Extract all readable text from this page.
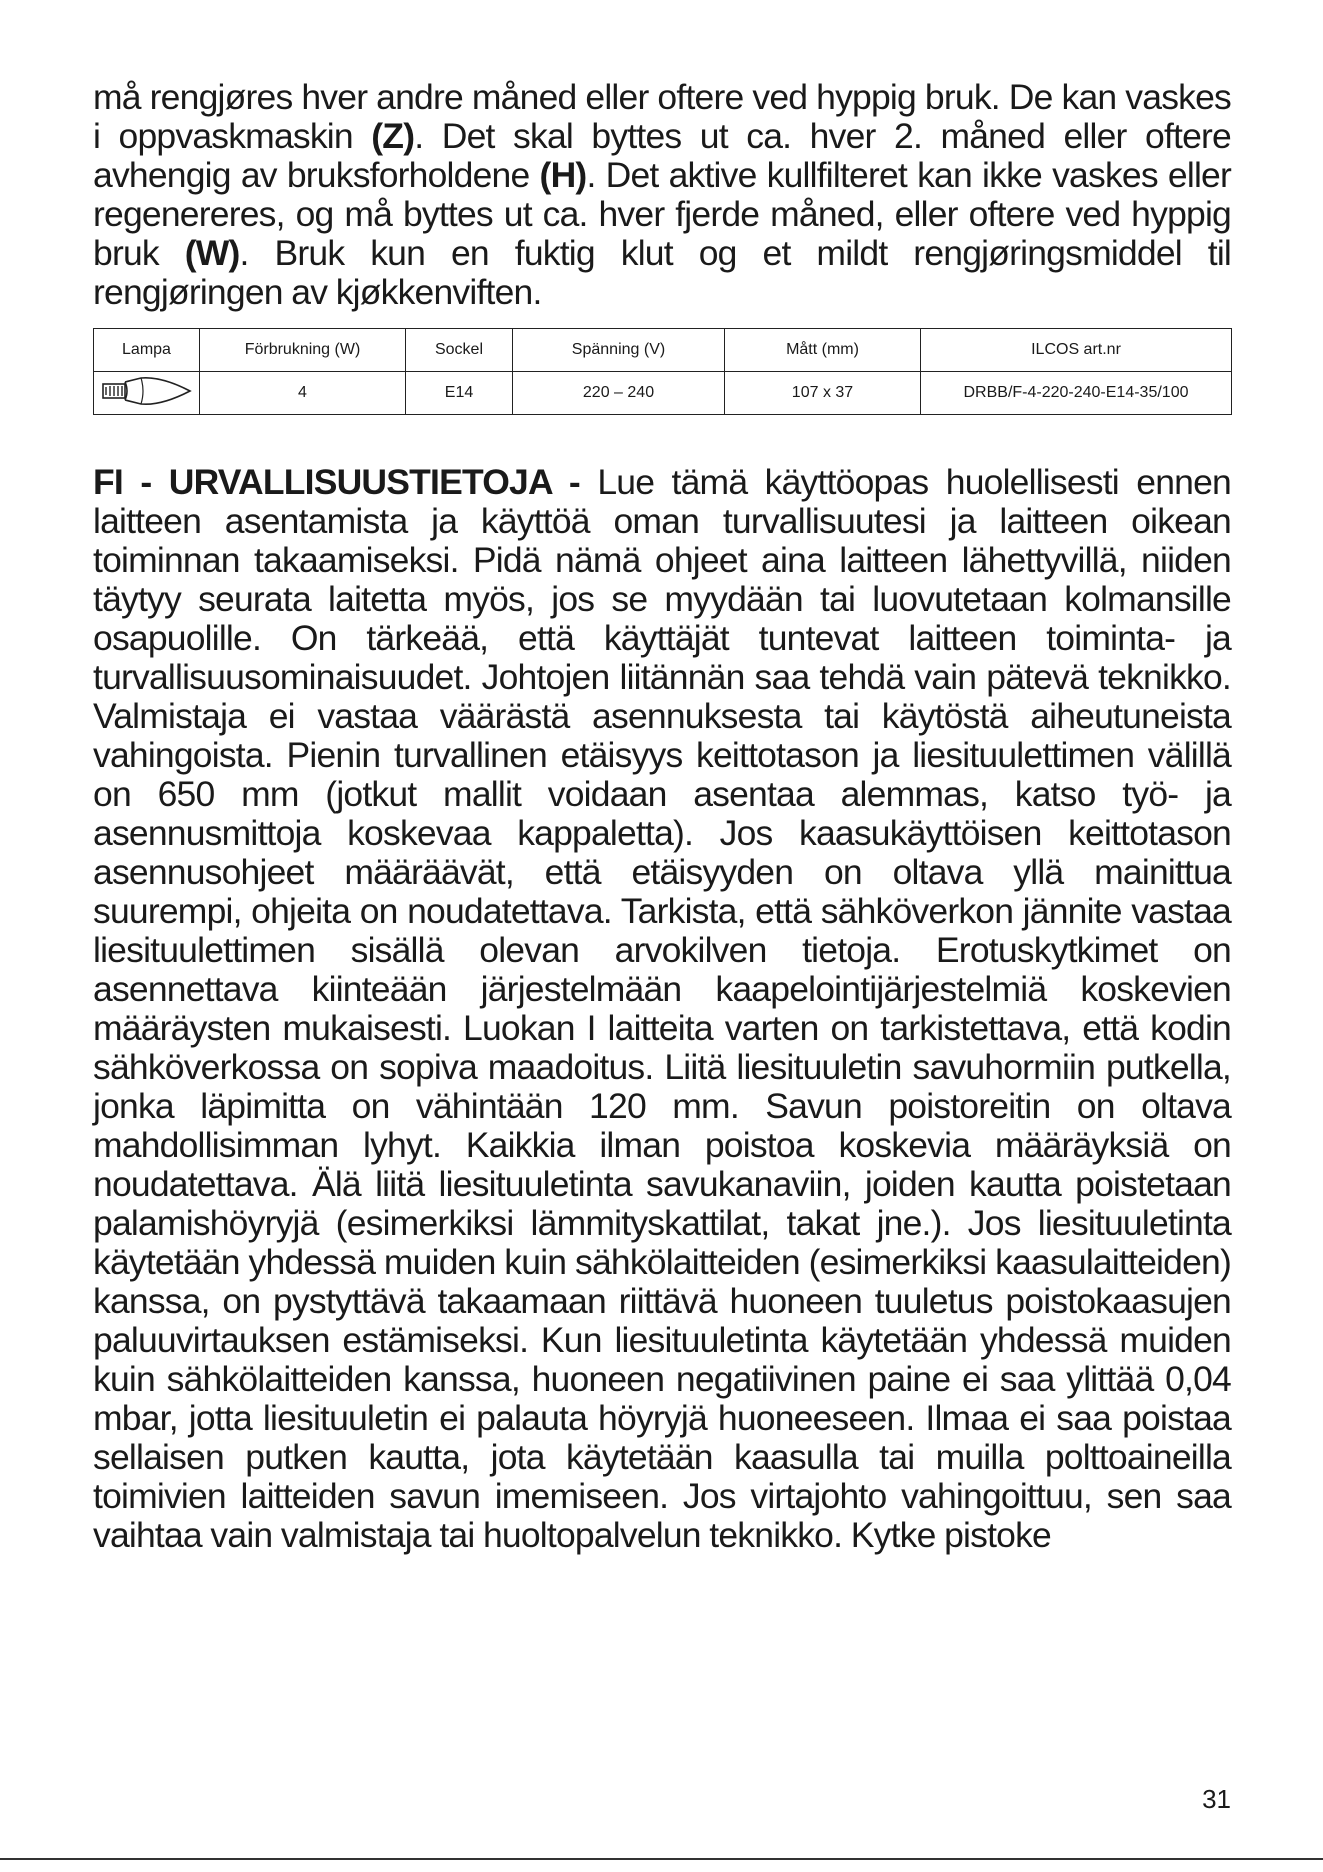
må rengjøres hver andre måned eller oftere ved hyppig bruk. De kan vaskes i oppvaskmaskin (Z). Det skal byttes ut ca. hver 2. måned eller oftere avhengig av bruksforholdene (H). Det aktive kullfilteret kan ikke vaskes eller regenereres, og må byttes ut ca. hver fjerde måned, eller oftere ved hyppig bruk (W). Bruk kun en fuktig klut og et mildt rengjøringsmiddel til rengjøringen av kjøkkenviften.

Lampa	Förbrukning (W)	Sockel	Spänning (V)	Mått (mm)	ILCOS art.nr
	4	E14	220 – 240	107 x 37	DRBB/F-4-220-240-E14-35/100

FI - URVALLISUUSTIETOJA - Lue tämä käyttöopas huolellisesti ennen laitteen asentamista ja käyttöä oman turvallisuutesi ja laitteen oikean toiminnan takaamiseksi. Pidä nämä ohjeet aina laitteen lähettyvillä, niiden täytyy seurata laitetta myös, jos se myydään tai luovutetaan kolmansille osapuolille. On tärkeää, että käyttäjät tuntevat laitteen toiminta- ja turvallisuusominaisuudet. Johtojen liitännän saa tehdä vain pätevä teknikko. Valmistaja ei vastaa väärästä asennuksesta tai käytöstä aiheutuneista vahingoista. Pienin turvallinen etäisyys keittotason ja liesituulettimen välillä on 650 mm (jotkut mallit voidaan asentaa alemmas, katso työ- ja asennusmittoja koskevaa kappaletta). Jos kaasukäyttöisen keittotason asennusohjeet määräävät, että etäisyyden on oltava yllä mainittua suurempi, ohjeita on noudatettava. Tarkista, että sähköverkon jännite vastaa liesituulettimen sisällä olevan arvokilven tietoja. Erotuskytkimet on asennettava kiinteään järjestelmään kaapelointijärjestelmiä koskevien määräysten mukaisesti. Luokan I laitteita varten on tarkistettava, että kodin sähköverkossa on sopiva maadoitus. Liitä liesituuletin savuhormiin putkella, jonka läpimitta on vähintään 120 mm. Savun poistoreitin on oltava mahdollisimman lyhyt. Kaikkia ilman poistoa koskevia määräyksiä on noudatettava. Älä liitä liesituuletinta savukanaviin, joiden kautta poistetaan palamishöyryjä (esimerkiksi lämmityskattilat, takat jne.). Jos liesituuletinta käytetään yhdessä muiden kuin sähkölaitteiden (esimerkiksi kaasulaitteiden) kanssa, on pystyttävä takaamaan riittävä huoneen tuuletus poistokaasujen paluuvirtauksen estämiseksi. Kun liesituuletinta käytetään yhdessä muiden kuin sähkölaitteiden kanssa, huoneen negatiivinen paine ei saa ylittää 0,04 mbar, jotta liesituuletin ei palauta höyryjä huoneeseen. Ilmaa ei saa poistaa sellaisen putken kautta, jota käytetään kaasulla tai muilla polttoaineilla toimivien laitteiden savun imemiseen. Jos virtajohto vahingoittuu, sen saa vaihtaa vain valmistaja tai huoltopalvelun teknikko. Kytke pistoke

31
